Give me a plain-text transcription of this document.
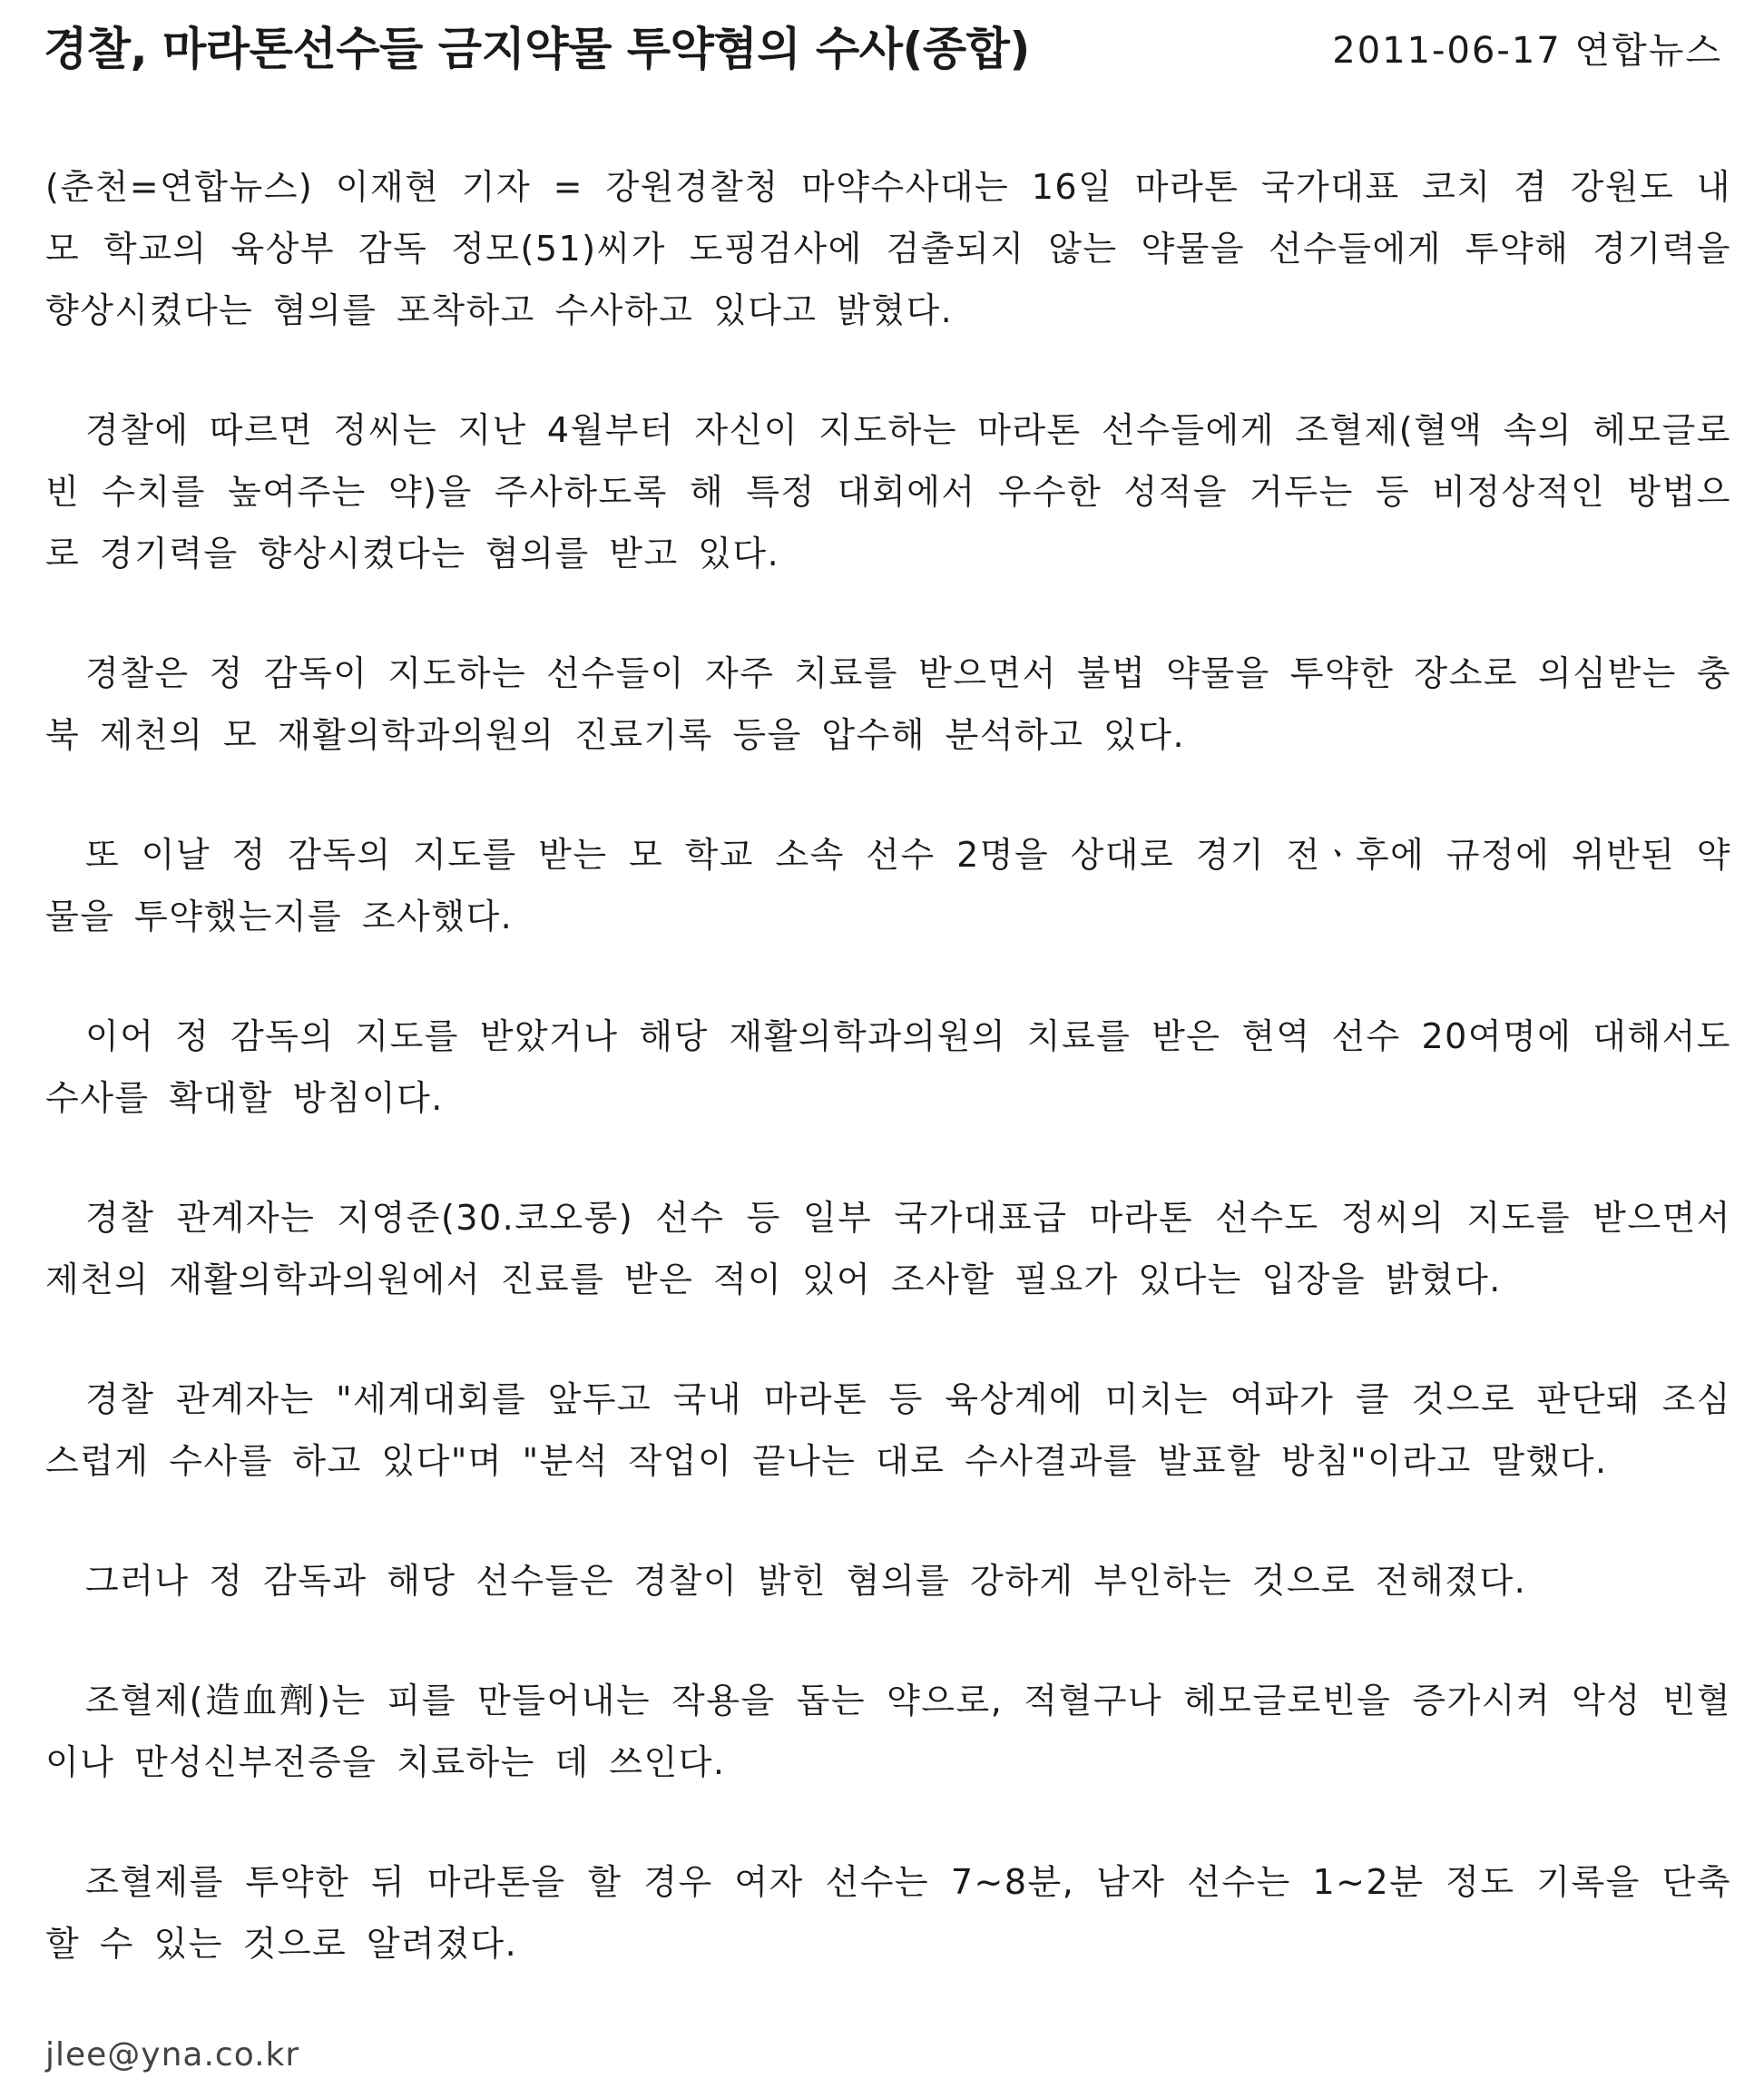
경찰, 마라톤선수들 금지약물 투약혐의 수사(종합)	2011-06-17 연합뉴스

(춘천=연합뉴스) 이재현 기자 = 강원경찰청 마약수사대는 16일 마라톤 국가대표 코치 겸 강원도 내 모 학교의 육상부 감독 정모(51)씨가 도핑검사에 검출되지 않는 약물을 선수들에게 투약해 경기력을 향상시켰다는 혐의를 포착하고 수사하고 있다고 밝혔다.

경찰에 따르면 정씨는 지난 4월부터 자신이 지도하는 마라톤 선수들에게 조혈제(혈액 속의 헤모글로빈 수치를 높여주는 약)을 주사하도록 해 특정 대회에서 우수한 성적을 거두는 등 비정상적인 방법으로 경기력을 향상시켰다는 혐의를 받고 있다.

경찰은 정 감독이 지도하는 선수들이 자주 치료를 받으면서 불법 약물을 투약한 장소로 의심받는 충북 제천의 모 재활의학과의원의 진료기록 등을 압수해 분석하고 있다.

또 이날 정 감독의 지도를 받는 모 학교 소속 선수 2명을 상대로 경기 전ㆍ후에 규정에 위반된 약물을 투약했는지를 조사했다.

이어 정 감독의 지도를 받았거나 해당 재활의학과의원의 치료를 받은 현역 선수 20여명에 대해서도 수사를 확대할 방침이다.

경찰 관계자는 지영준(30.코오롱) 선수 등 일부 국가대표급 마라톤 선수도 정씨의 지도를 받으면서 제천의 재활의학과의원에서 진료를 받은 적이 있어 조사할 필요가 있다는 입장을 밝혔다.

경찰 관계자는 "세계대회를 앞두고 국내 마라톤 등 육상계에 미치는 여파가 클 것으로 판단돼 조심스럽게 수사를 하고 있다"며 "분석 작업이 끝나는 대로 수사결과를 발표할 방침"이라고 말했다.

그러나 정 감독과 해당 선수들은 경찰이 밝힌 혐의를 강하게 부인하는 것으로 전해졌다.

조혈제(造血劑)는 피를 만들어내는 작용을 돕는 약으로, 적혈구나 헤모글로빈을 증가시켜 악성 빈혈이나 만성신부전증을 치료하는 데 쓰인다.

조혈제를 투약한 뒤 마라톤을 할 경우 여자 선수는 7~8분, 남자 선수는 1~2분 정도 기록을 단축할 수 있는 것으로 알려졌다.

jlee@yna.co.kr
